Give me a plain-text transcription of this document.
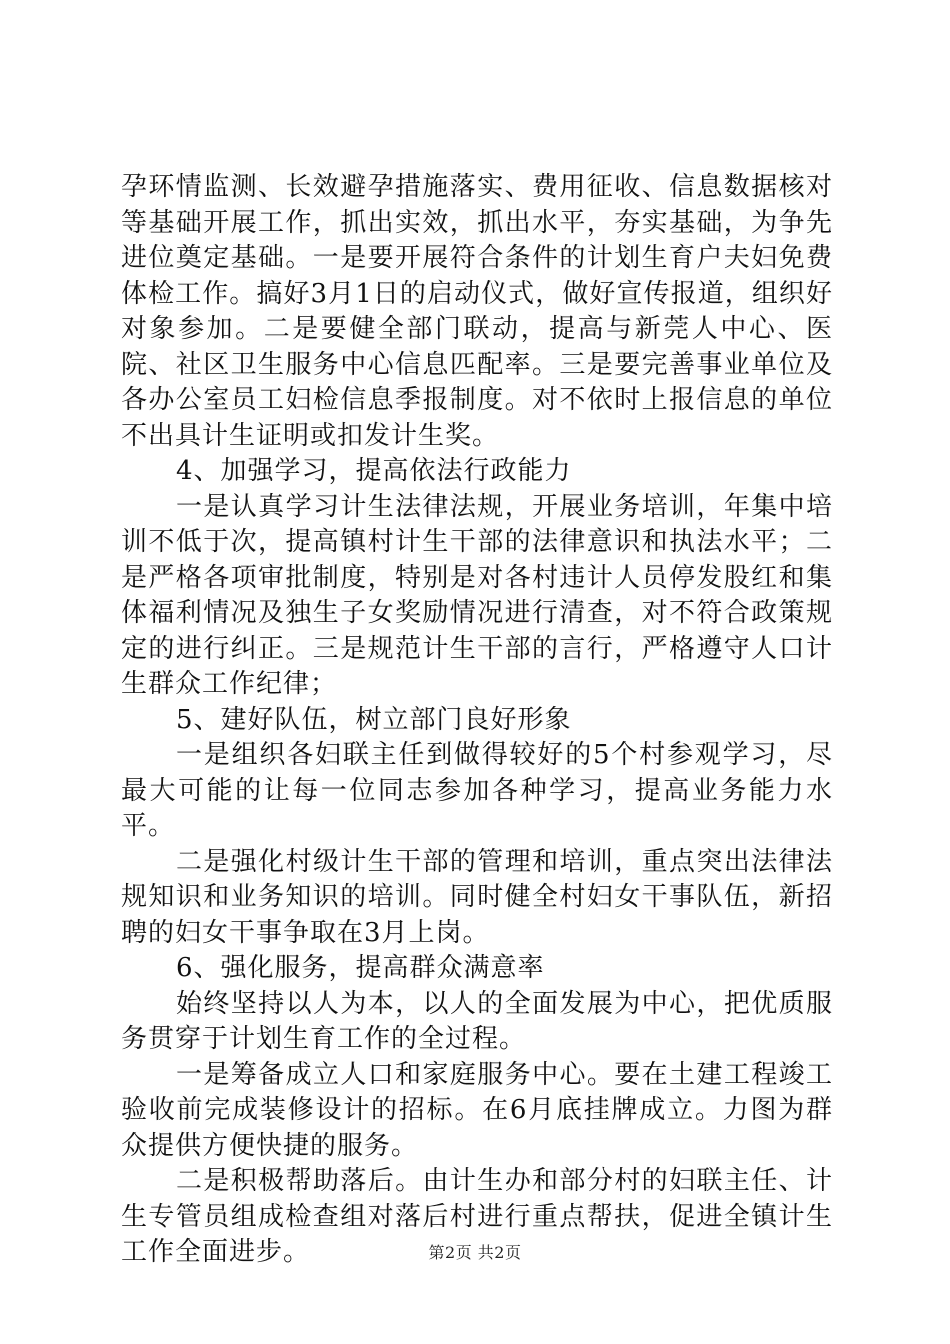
孕环情监测、长效避孕措施落实、费用征收、信息数据核对等基础开展工作，抓出实效，抓出水平，夯实基础，为争先进位奠定基础。一是要开展符合条件的计划生育户夫妇免费体检工作。搞好3月1日的启动仪式，做好宣传报道，组织好对象参加。二是要健全部门联动，提高与新莞人中心、医院、社区卫生服务中心信息匹配率。三是要完善事业单位及各办公室员工妇检信息季报制度。对不依时上报信息的单位不出具计生证明或扣发计生奖。

4、加强学习，提高依法行政能力

一是认真学习计生法律法规，开展业务培训，年集中培训不低于次，提高镇村计生干部的法律意识和执法水平；二是严格各项审批制度，特别是对各村违计人员停发股红和集体福利情况及独生子女奖励情况进行清查，对不符合政策规定的进行纠正。三是规范计生干部的言行，严格遵守人口计生群众工作纪律；

5、建好队伍，树立部门良好形象

一是组织各妇联主任到做得较好的5个村参观学习，尽最大可能的让每一位同志参加各种学习，提高业务能力水平。

二是强化村级计生干部的管理和培训，重点突出法律法规知识和业务知识的培训。同时健全村妇女干事队伍，新招聘的妇女干事争取在3月上岗。

6、强化服务，提高群众满意率

始终坚持以人为本，以人的全面发展为中心，把优质服务贯穿于计划生育工作的全过程。

一是筹备成立人口和家庭服务中心。要在土建工程竣工验收前完成装修设计的招标。在6月底挂牌成立。力图为群众提供方便快捷的服务。

二是积极帮助落后。由计生办和部分村的妇联主任、计生专管员组成检查组对落后村进行重点帮扶，促进全镇计生工作全面进步。	第2页 共2页
